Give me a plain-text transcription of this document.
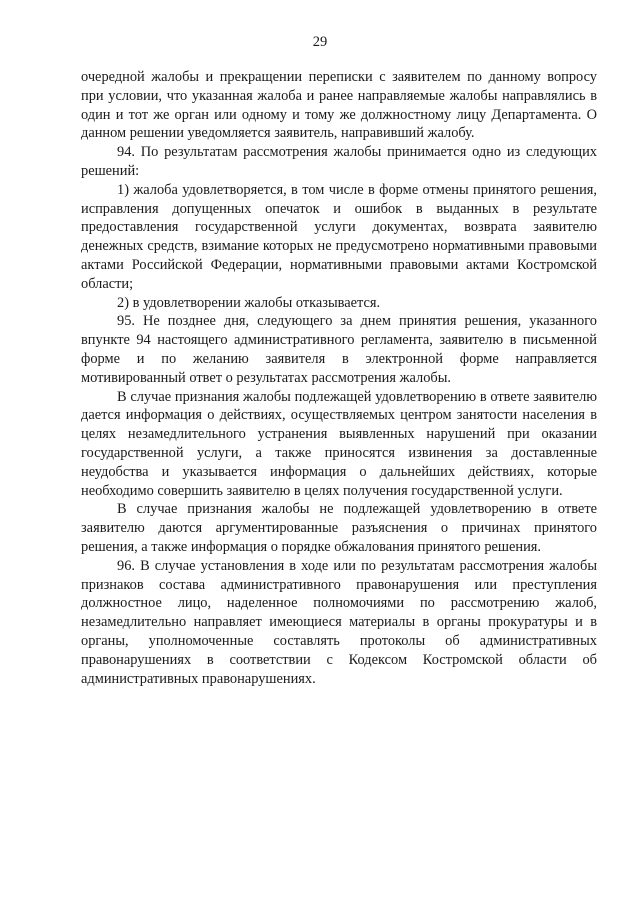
29

очередной жалобы и прекращении переписки с заявителем по данному вопросу при условии, что указанная жалоба и ранее направляемые жалобы направлялись в один и тот же орган или одному и тому же должностному лицу Департамента. О данном решении уведомляется заявитель, направивший жалобу.

94. По результатам рассмотрения жалобы принимается одно из следующих решений:

1) жалоба удовлетворяется, в том числе в форме отмены принятого решения, исправления допущенных опечаток и ошибок в выданных в результате предоставления государственной услуги документах, возврата заявителю денежных средств, взимание которых не предусмотрено нормативными правовыми актами Российской Федерации, нормативными правовыми актами Костромской области;

2) в удовлетворении жалобы отказывается.

95. Не позднее дня, следующего за днем принятия решения, указанного впункте 94 настоящего административного регламента, заявителю в письменной форме и по желанию заявителя в электронной форме направляется мотивированный ответ о результатах рассмотрения жалобы.

В случае признания жалобы подлежащей удовлетворению в ответе заявителю дается информация о действиях, осуществляемых центром занятости населения в целях незамедлительного устранения выявленных нарушений при оказании государственной услуги, а также приносятся извинения за доставленные неудобства и указывается информация о дальнейших действиях, которые необходимо совершить заявителю в целях получения государственной услуги.

В случае признания жалобы не подлежащей удовлетворению в ответе заявителю даются аргументированные разъяснения о причинах принятого решения, а также информация о порядке обжалования принятого решения.

96. В случае установления в ходе или по результатам рассмотрения жалобы признаков состава административного правонарушения или преступления должностное лицо, наделенное полномочиями по рассмотрению жалоб, незамедлительно направляет имеющиеся материалы в органы прокуратуры и в органы, уполномоченные составлять протоколы об административных правонарушениях в соответствии с Кодексом Костромской области об административных правонарушениях.
